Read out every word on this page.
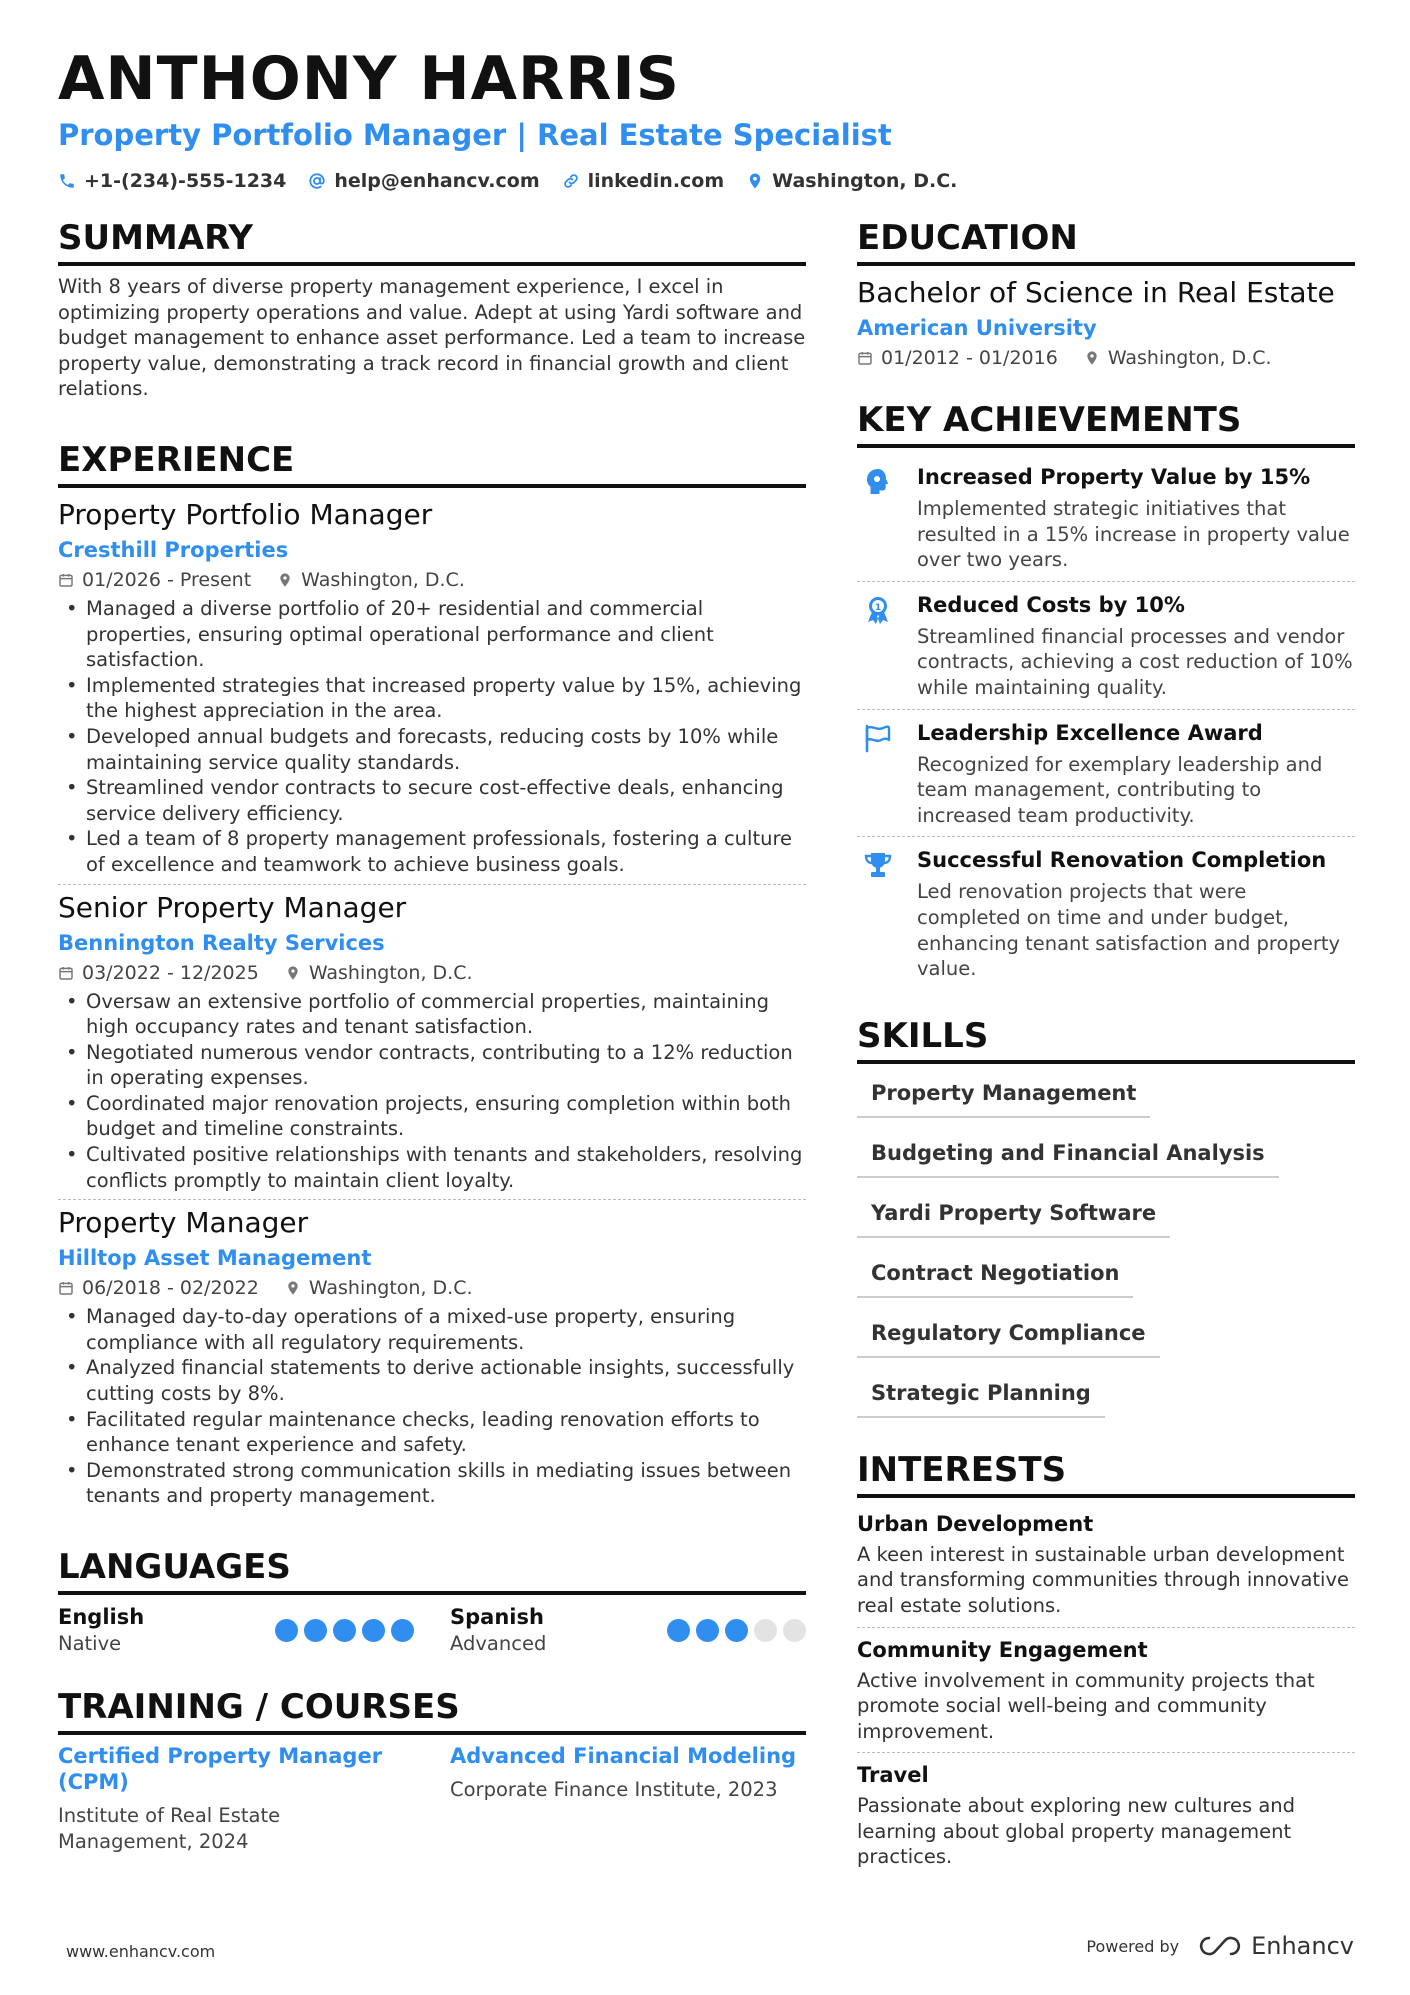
ANTHONY HARRIS
Property Portfolio Manager | Real Estate Specialist
+1-(234)-555-1234	help@enhancv.com	linkedin.com	Washington, D.C.
SUMMARY

With 8 years of diverse property management experience, I excel in optimizing property operations and value. Adept at using Yardi software and budget management to enhance asset performance. Led a team to increase property value, demonstrating a track record in financial growth and client relations.

EXPERIENCE
Property Portfolio Manager
Cresthill Properties
01/2026 - Present	Washington, D.C.
• Managed a diverse portfolio of 20+ residential and commercial properties, ensuring optimal operational performance and client satisfaction.
• Implemented strategies that increased property value by 15%, achieving the highest appreciation in the area.
• Developed annual budgets and forecasts, reducing costs by 10% while maintaining service quality standards.
• Streamlined vendor contracts to secure cost-effective deals, enhancing service delivery efficiency.
• Led a team of 8 property management professionals, fostering a culture of excellence and teamwork to achieve business goals.
Senior Property Manager
Bennington Realty Services
03/2022 - 12/2025	Washington, D.C.
• Oversaw an extensive portfolio of commercial properties, maintaining high occupancy rates and tenant satisfaction.
• Negotiated numerous vendor contracts, contributing to a 12% reduction in operating expenses.
• Coordinated major renovation projects, ensuring completion within both budget and timeline constraints.
• Cultivated positive relationships with tenants and stakeholders, resolving conflicts promptly to maintain client loyalty.
Property Manager
Hilltop Asset Management
06/2018 - 02/2022	Washington, D.C.
• Managed day-to-day operations of a mixed-use property, ensuring compliance with all regulatory requirements.
• Analyzed financial statements to derive actionable insights, successfully cutting costs by 8%.
• Facilitated regular maintenance checks, leading renovation efforts to enhance tenant experience and safety.
• Demonstrated strong communication skills in mediating issues between tenants and property management.
LANGUAGES
English
Native
Spanish
Advanced
TRAINING / COURSES
Certified Property Manager (CPM)
Institute of Real Estate Management, 2024
Advanced Financial Modeling
Corporate Finance Institute, 2023
EDUCATION
Bachelor of Science in Real Estate
American University
01/2012 - 01/2016	Washington, D.C.
KEY ACHIEVEMENTS
Increased Property Value by 15%
Implemented strategic initiatives that resulted in a 15% increase in property value over two years.
1 Reduced Costs by 10%
Streamlined financial processes and vendor contracts, achieving a cost reduction of 10% while maintaining quality.
Leadership Excellence Award
Recognized for exemplary leadership and team management, contributing to increased team productivity.
Successful Renovation Completion
Led renovation projects that were completed on time and under budget, enhancing tenant satisfaction and property value.
SKILLS
Property Management
Budgeting and Financial Analysis
Yardi Property Software
Contract Negotiation
Regulatory Compliance
Strategic Planning
INTERESTS
Urban Development
A keen interest in sustainable urban development and transforming communities through innovative real estate solutions.
Community Engagement
Active involvement in community projects that promote social well-being and community improvement.
Travel
Passionate about exploring new cultures and learning about global property management practices.
www.enhancv.com	Powered by	Enhancv
